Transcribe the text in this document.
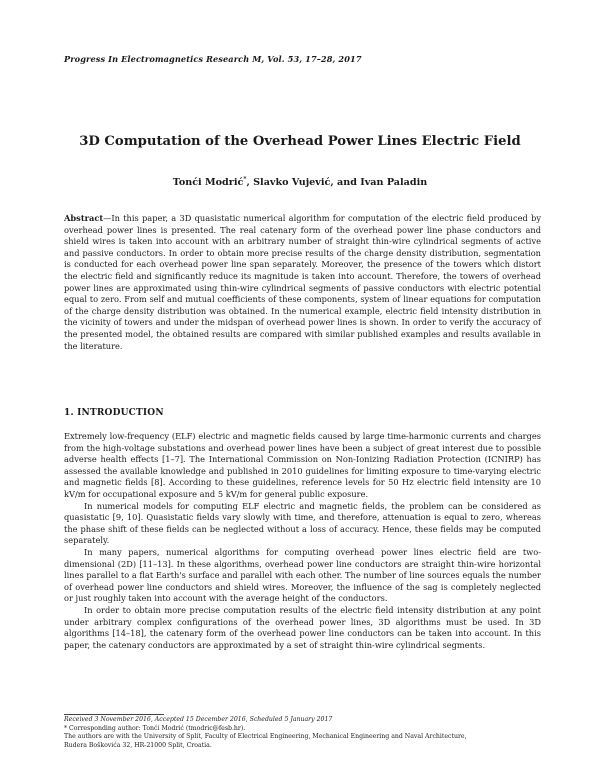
Progress In Electromagnetics Research M, Vol. 53, 17–28, 2017
3D Computation of the Overhead Power Lines Electric Field
Tonći Modrić*, Slavko Vujević, and Ivan Paladin
Abstract—In this paper, a 3D quasistatic numerical algorithm for computation of the electric field produced by overhead power lines is presented. The real catenary form of the overhead power line phase conductors and shield wires is taken into account with an arbitrary number of straight thin-wire cylindrical segments of active and passive conductors. In order to obtain more precise results of the charge density distribution, segmentation is conducted for each overhead power line span separately. Moreover, the presence of the towers which distort the electric field and significantly reduce its magnitude is taken into account. Therefore, the towers of overhead power lines are approximated using thin-wire cylindrical segments of passive conductors with electric potential equal to zero. From self and mutual coefficients of these components, system of linear equations for computation of the charge density distribution was obtained. In the numerical example, electric field intensity distribution in the vicinity of towers and under the midspan of overhead power lines is shown. In order to verify the accuracy of the presented model, the obtained results are compared with similar published examples and results available in the literature.
1. INTRODUCTION

Extremely low-frequency (ELF) electric and magnetic fields caused by large time-harmonic currents and charges from the high-voltage substations and overhead power lines have been a subject of great interest due to possible adverse health effects [1–7]. The International Commission on Non-Ionizing Radiation Protection (ICNIRP) has assessed the available knowledge and published in 2010 guidelines for limiting exposure to time-varying electric and magnetic fields [8]. According to these guidelines, reference levels for 50 Hz electric field intensity are 10 kV/m for occupational exposure and 5 kV/m for general public exposure.

In numerical models for computing ELF electric and magnetic fields, the problem can be considered as quasistatic [9, 10]. Quasistatic fields vary slowly with time, and therefore, attenuation is equal to zero, whereas the phase shift of these fields can be neglected without a loss of accuracy. Hence, these fields may be computed separately.

In many papers, numerical algorithms for computing overhead power lines electric field are two-dimensional (2D) [11–13]. In these algorithms, overhead power line conductors are straight thin-wire horizontal lines parallel to a flat Earth's surface and parallel with each other. The number of line sources equals the number of overhead power line conductors and shield wires. Moreover, the influence of the sag is completely neglected or just roughly taken into account with the average height of the conductors.

In order to obtain more precise computation results of the electric field intensity distribution at any point under arbitrary complex configurations of the overhead power lines, 3D algorithms must be used. In 3D algorithms [14–18], the catenary form of the overhead power line conductors can be taken into account. In this paper, the catenary conductors are approximated by a set of straight thin-wire cylindrical segments.

Received 3 November 2016, Accepted 15 December 2016, Scheduled 5 January 2017
* Corresponding author: Tonći Modrić (tmodric@fesb.hr).
The authors are with the University of Split, Faculty of Electrical Engineering, Mechanical Engineering and Naval Architecture,
Rudera Boškovića 32, HR-21000 Split, Croatia.
